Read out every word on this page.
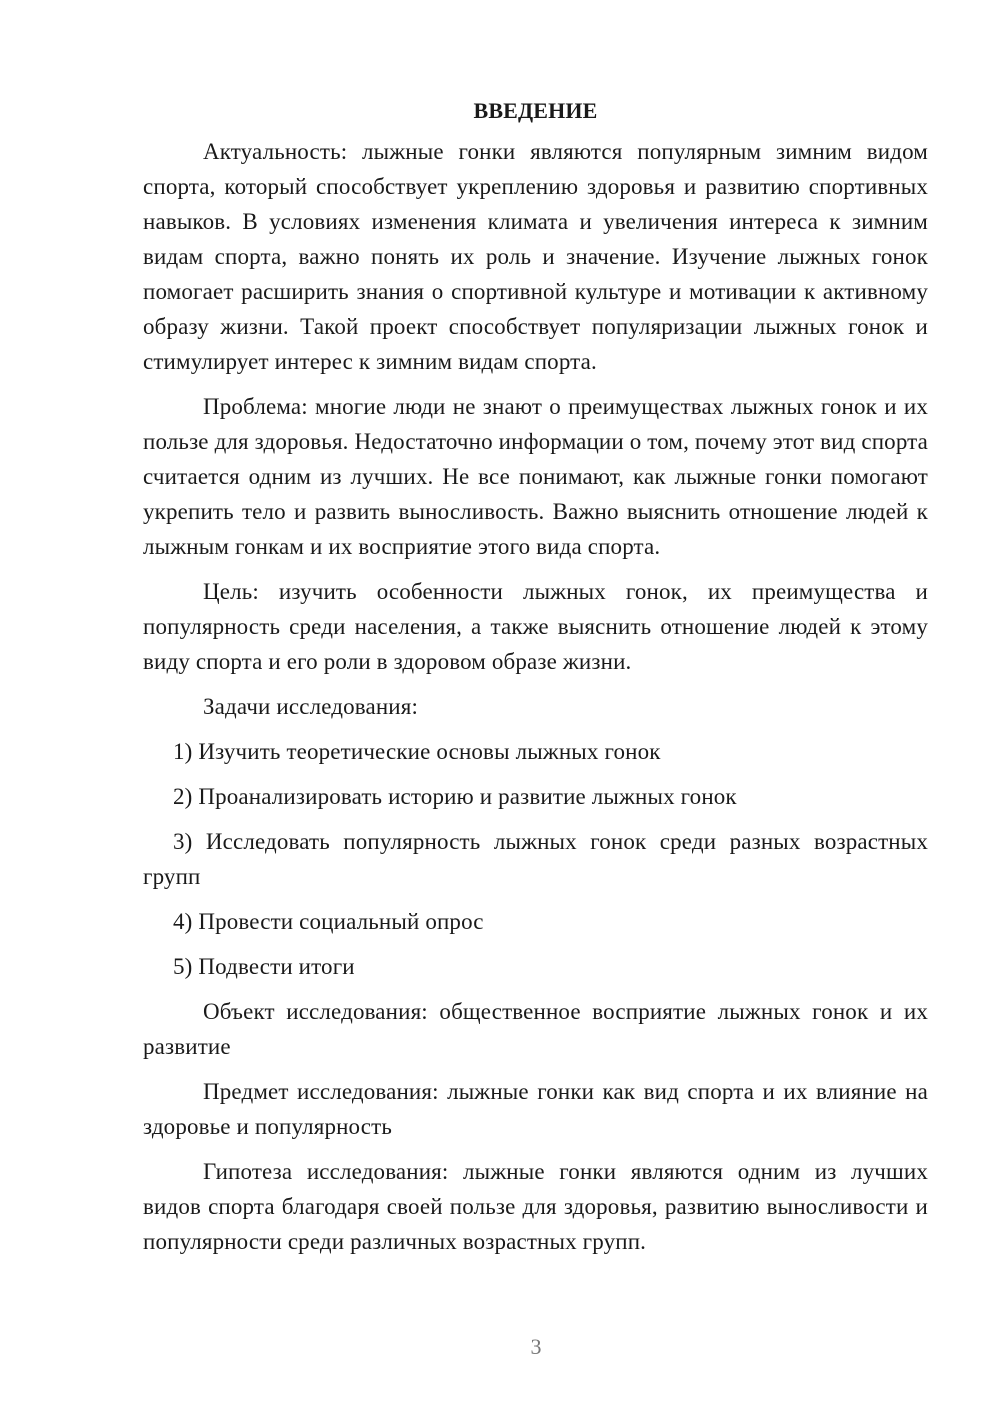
ВВЕДЕНИЕ

Актуальность: лыжные гонки являются популярным зимним видом спорта, который способствует укреплению здоровья и развитию спортивных навыков. В условиях изменения климата и увеличения интереса к зимним видам спорта, важно понять их роль и значение. Изучение лыжных гонок помогает расширить знания о спортивной культуре и мотивации к активному образу жизни. Такой проект способствует популяризации лыжных гонок и стимулирует интерес к зимним видам спорта.

Проблема: многие люди не знают о преимуществах лыжных гонок и их пользе для здоровья. Недостаточно информации о том, почему этот вид спорта считается одним из лучших. Не все понимают, как лыжные гонки помогают укрепить тело и развить выносливость. Важно выяснить отношение людей к лыжным гонкам и их восприятие этого вида спорта.

Цель: изучить особенности лыжных гонок, их преимущества и популярность среди населения, а также выяснить отношение людей к этому виду спорта и его роли в здоровом образе жизни.

Задачи исследования:

1) Изучить теоретические основы лыжных гонок

2) Проанализировать историю и развитие лыжных гонок

3) Исследовать популярность лыжных гонок среди разных возрастных групп

4) Провести социальный опрос

5) Подвести итоги

Объект исследования: общественное восприятие лыжных гонок и их развитие

Предмет исследования: лыжные гонки как вид спорта и их влияние на здоровье и популярность

Гипотеза исследования: лыжные гонки являются одним из лучших видов спорта благодаря своей пользе для здоровья, развитию выносливости и популярности среди различных возрастных групп.

3
